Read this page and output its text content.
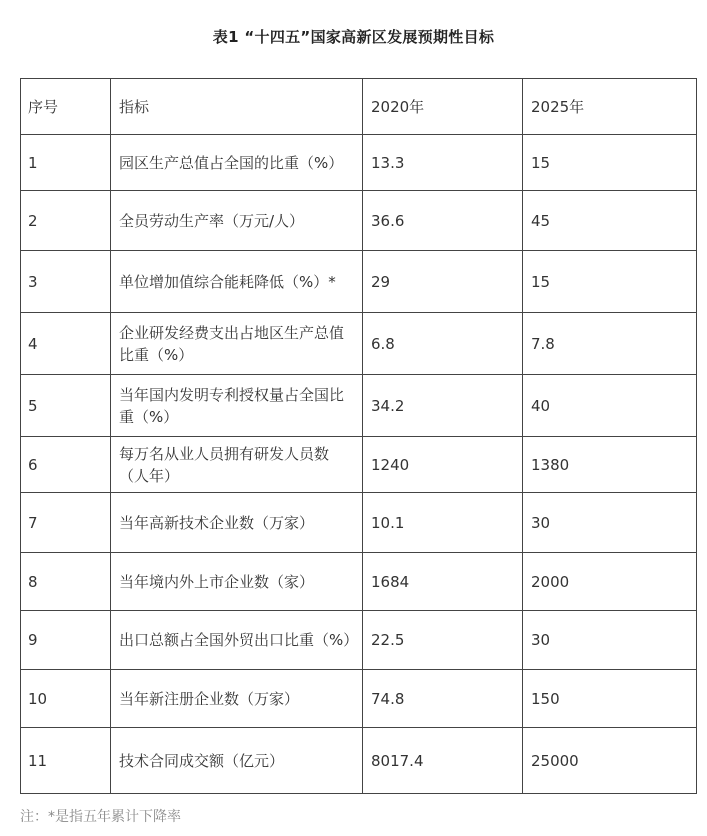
表1 “十四五”国家高新区发展预期性目标
序号	指标	2020年	2025年
1	园区生产总值占全国的比重（%）	13.3	15
2	全员劳动生产率（万元/人）	36.6	45
3	单位增加值综合能耗降低（%）*	29	15
4	企业研发经费支出占地区生产总值比重（%）	6.8	7.8
5	当年国内发明专利授权量占全国比重（%）	34.2	40
6	每万名从业人员拥有研发人员数（人年）	1240	1380
7	当年高新技术企业数（万家）	10.1	30
8	当年境内外上市企业数（家）	1684	2000
9	出口总额占全国外贸出口比重（%）	22.5	30
10	当年新注册企业数（万家）	74.8	150
11	技术合同成交额（亿元）	8017.4	25000
注：*是指五年累计下降率
